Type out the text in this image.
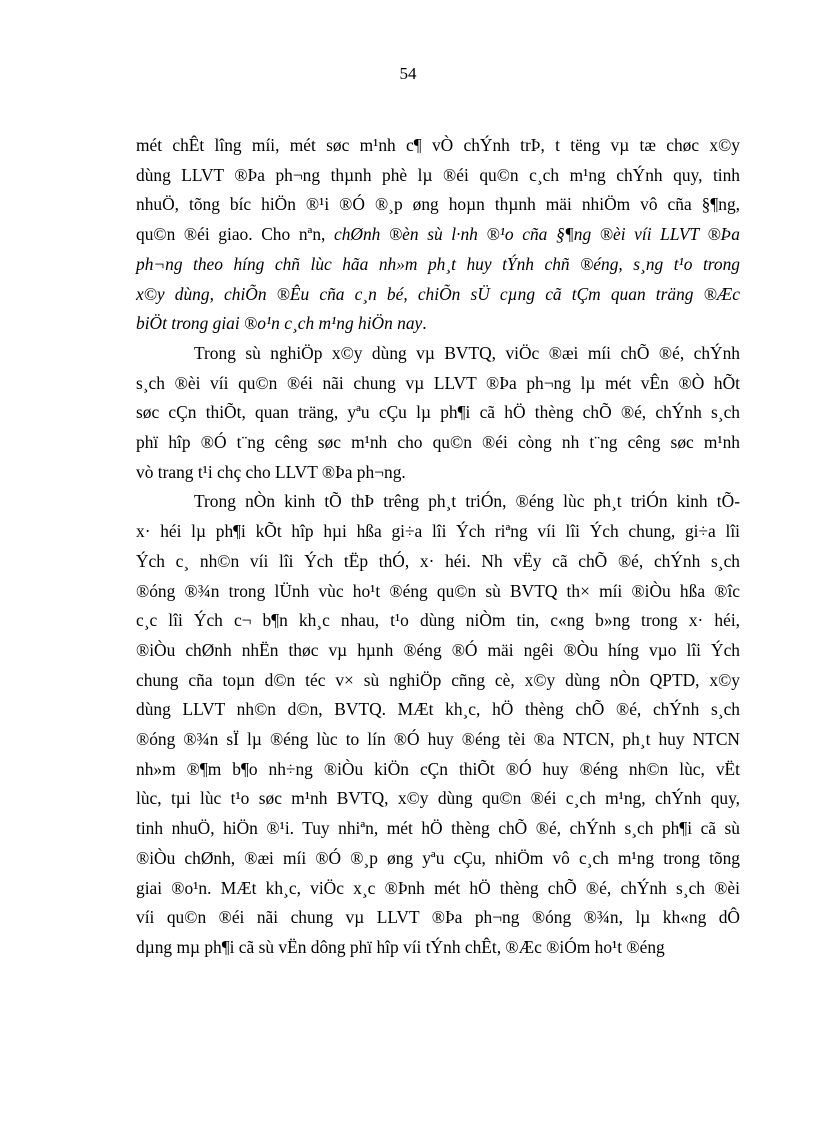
54
mét chÊt lîng míi, mét søc m¹nh c¶ vÒ chÝnh trÞ, t tëng vµ tæ chøc x©y
dùng LLVT ®Þa ph¬ng thµnh phè lµ ®éi qu©n c¸ch m¹ng chÝnh quy, tinh
nhuÖ, tõng bíc hiÖn ®¹i ®Ó ®¸p øng hoµn thµnh mäi nhiÖm vô cña §¶ng,
qu©n ®éi giao. Cho nªn, chØnh ®èn sù l·nh ®¹o cña §¶ng ®èi víi LLVT ®Þa
ph¬ng theo híng chñ lùc hãa nh»m ph¸t huy tÝnh chñ ®éng, s¸ng t¹o trong
x©y dùng, chiÕn ®Êu cña c¸n bé, chiÕn sÜ cµng cã tÇm quan träng ®Æc
biÖt trong giai ®o¹n c¸ch m¹ng hiÖn nay.
Trong sù nghiÖp x©y dùng vµ BVTQ, viÖc ®æi míi chÕ ®é, chÝnh
s¸ch ®èi víi qu©n ®éi nãi chung vµ LLVT ®Þa ph¬ng lµ mét vÊn ®Ò hÕt
søc cÇn thiÕt, quan träng, yªu cÇu lµ ph¶i cã hÖ thèng chÕ ®é, chÝnh s¸ch
phï hîp ®Ó t¨ng cêng søc m¹nh cho qu©n ®éi còng nh t¨ng cêng søc m¹nh
vò trang t¹i chç cho LLVT ®Þa ph¬ng.
Trong nÒn kinh tÕ thÞ trêng ph¸t triÓn, ®éng lùc ph¸t triÓn kinh tÕ-
x· héi lµ ph¶i kÕt hîp hµi hßa gi÷a lîi Ých riªng víi lîi Ých chung, gi÷a lîi
Ých c¸ nh©n víi lîi Ých tËp thÓ, x· héi. Nh vËy cã chÕ ®é, chÝnh s¸ch
®óng ®¾n trong lÜnh vùc ho¹t ®éng qu©n sù BVTQ th× míi ®iÒu hßa ®îc
c¸c lîi Ých c¬ b¶n kh¸c nhau, t¹o dùng niÒm tin, c«ng b»ng trong x· héi,
®iÒu chØnh nhËn thøc vµ hµnh ®éng ®Ó mäi ngêi ®Òu híng vµo lîi Ých
chung cña toµn d©n téc v× sù nghiÖp cñng cè, x©y dùng nÒn QPTD, x©y
dùng LLVT nh©n d©n, BVTQ. MÆt kh¸c, hÖ thèng chÕ ®é, chÝnh s¸ch
®óng ®¾n sÏ lµ ®éng lùc to lín ®Ó huy ®éng tèi ®a NTCN, ph¸t huy NTCN
nh»m ®¶m b¶o nh÷ng ®iÒu kiÖn cÇn thiÕt ®Ó huy ®éng nh©n lùc, vËt
lùc, tµi lùc t¹o søc m¹nh BVTQ, x©y dùng qu©n ®éi c¸ch m¹ng, chÝnh quy,
tinh nhuÖ, hiÖn ®¹i. Tuy nhiªn, mét hÖ thèng chÕ ®é, chÝnh s¸ch ph¶i cã sù
®iÒu chØnh, ®æi míi ®Ó ®¸p øng yªu cÇu, nhiÖm vô c¸ch m¹ng trong tõng
giai ®o¹n. MÆt kh¸c, viÖc x¸c ®Þnh mét hÖ thèng chÕ ®é, chÝnh s¸ch ®èi
víi qu©n ®éi nãi chung vµ LLVT ®Þa ph¬ng ®óng ®¾n, lµ kh«ng dÔ
dµng mµ ph¶i cã sù vËn dông phï hîp víi tÝnh chÊt, ®Æc ®iÓm ho¹t ®éng
